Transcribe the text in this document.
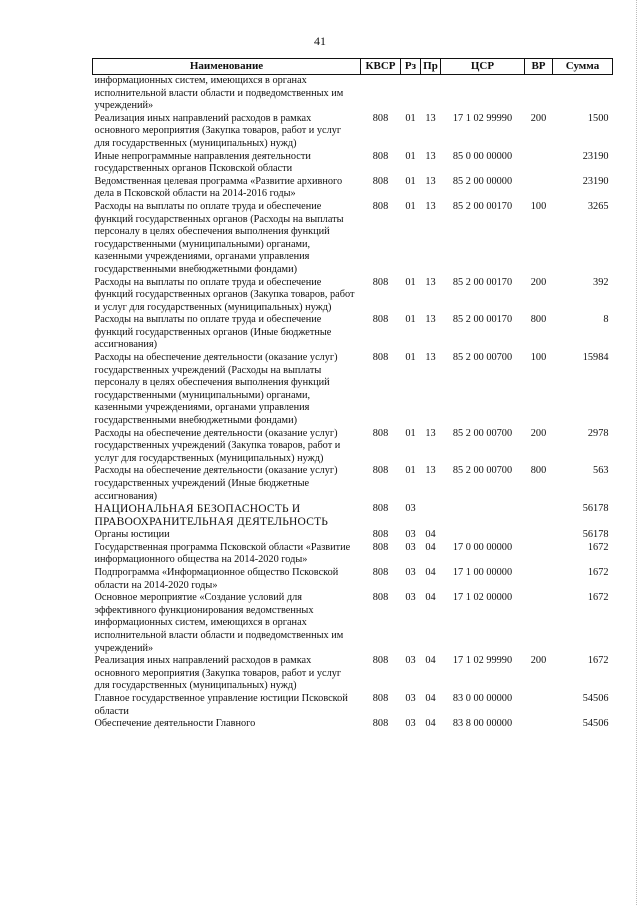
41
Наименование	КВСР	Рз	Пр	ЦСР	ВР	Сумма
информационных систем, имеющихся в органах исполнительной власти области и подведомственных им учреждений»						
Реализация иных направлений расходов в рамках основного мероприятия (Закупка товаров, работ и услуг для государственных (муниципальных) нужд)	808	01	13	17 1 02 99990	200	1500
Иные непрограммные направления деятельности государственных органов Псковской области	808	01	13	85 0 00 00000		23190
Ведомственная целевая программа «Развитие архивного дела в Псковской области на 2014-2016 годы»	808	01	13	85 2 00 00000		23190
Расходы на выплаты по оплате труда и обеспечение функций государственных органов (Расходы на выплаты персоналу в целях обеспечения выполнения функций государственными (муниципальными) органами, казенными учреждениями, органами управления государственными внебюджетными фондами)	808	01	13	85 2 00 00170	100	3265
Расходы на выплаты по оплате труда и обеспечение функций государственных органов (Закупка товаров, работ и услуг для государственных (муниципальных) нужд)	808	01	13	85 2 00 00170	200	392
Расходы на выплаты по оплате труда и обеспечение функций государственных органов (Иные бюджетные ассигнования)	808	01	13	85 2 00 00170	800	8
Расходы на обеспечение деятельности (оказание услуг) государственных учреждений (Расходы на выплаты персоналу в целях обеспечения выполнения функций государственными (муниципальными) органами, казенными учреждениями, органами управления государственными внебюджетными фондами)	808	01	13	85 2 00 00700	100	15984
Расходы на обеспечение деятельности (оказание услуг) государственных учреждений (Закупка товаров, работ и услуг для государственных (муниципальных) нужд)	808	01	13	85 2 00 00700	200	2978
Расходы на обеспечение деятельности (оказание услуг) государственных учреждений (Иные бюджетные ассигнования)	808	01	13	85 2 00 00700	800	563
НАЦИОНАЛЬНАЯ БЕЗОПАСНОСТЬ И ПРАВООХРАНИТЕЛЬНАЯ ДЕЯТЕЛЬНОСТЬ	808	03				56178
Органы юстиции	808	03	04			56178
Государственная программа Псковской области «Развитие информационного общества на 2014-2020 годы»	808	03	04	17 0 00 00000		1672
Подпрограмма «Информационное общество Псковской области на 2014-2020 годы»	808	03	04	17 1 00 00000		1672
Основное мероприятие «Создание условий для эффективного функционирования ведомственных информационных систем, имеющихся в органах исполнительной власти области и подведомственных им учреждений»	808	03	04	17 1 02 00000		1672
Реализация иных направлений расходов в рамках основного мероприятия (Закупка товаров, работ и услуг для государственных (муниципальных) нужд)	808	03	04	17 1 02 99990	200	1672
Главное государственное управление юстиции Псковской области	808	03	04	83 0 00 00000		54506
Обеспечение деятельности Главного	808	03	04	83 8 00 00000		54506
